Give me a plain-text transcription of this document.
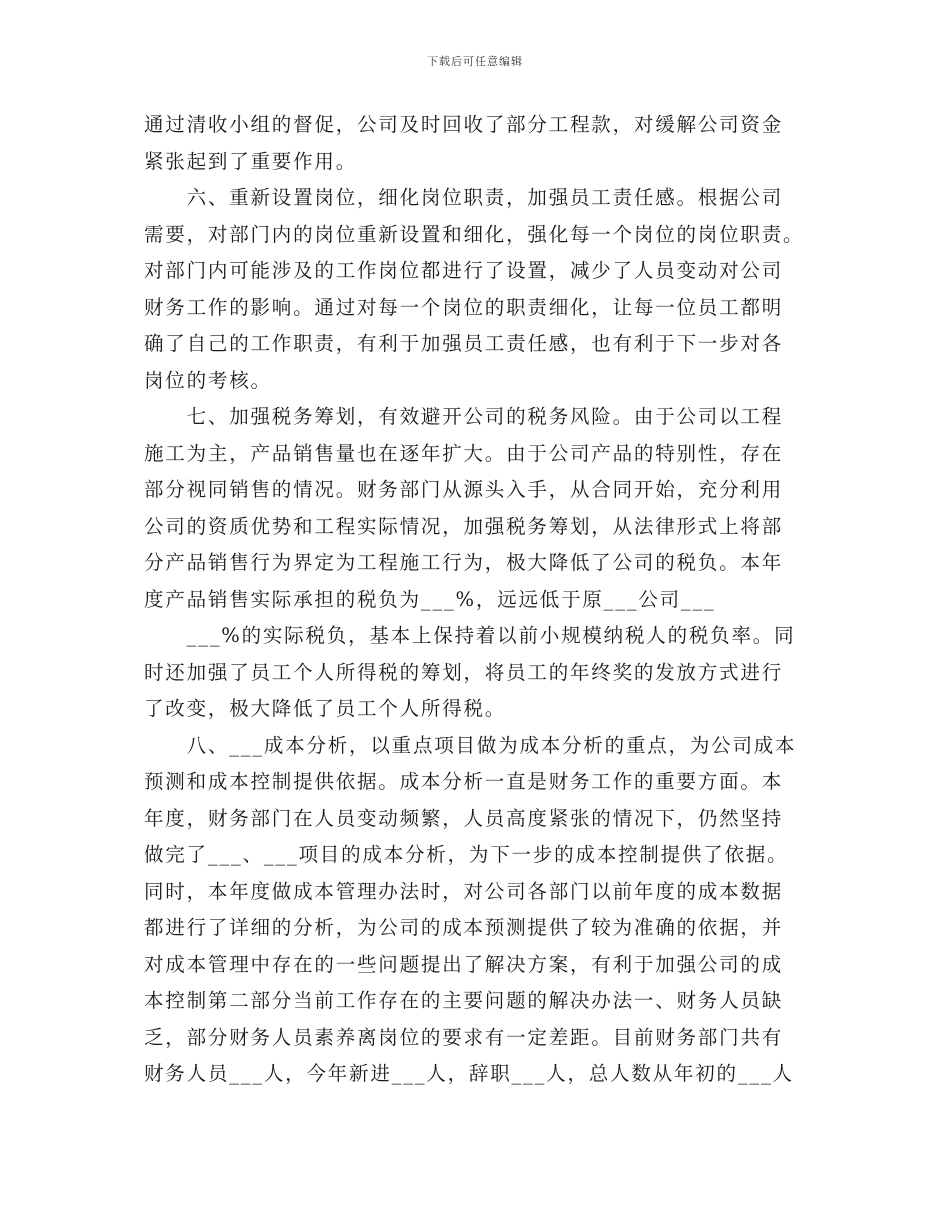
下载后可任意编辑
通过清收小组的督促，公司及时回收了部分工程款，对缓解公司资金
紧张起到了重要作用。
　　六、重新设置岗位，细化岗位职责，加强员工责任感。根据公司
需要，对部门内的岗位重新设置和细化，强化每一个岗位的岗位职责。
对部门内可能涉及的工作岗位都进行了设置，减少了人员变动对公司
财务工作的影响。通过对每一个岗位的职责细化，让每一位员工都明
确了自己的工作职责，有利于加强员工责任感，也有利于下一步对各
岗位的考核。
　　七、加强税务筹划，有效避开公司的税务风险。由于公司以工程
施工为主，产品销售量也在逐年扩大。由于公司产品的特别性，存在
部分视同销售的情况。财务部门从源头入手，从合同开始，充分利用
公司的资质优势和工程实际情况，加强税务筹划，从法律形式上将部
分产品销售行为界定为工程施工行为，极大降低了公司的税负。本年
度产品销售实际承担的税负为___%，远远低于原___公司___
　　___%的实际税负，基本上保持着以前小规模纳税人的税负率。同
时还加强了员工个人所得税的筹划，将员工的年终奖的发放方式进行
了改变，极大降低了员工个人所得税。
　　八、___成本分析，以重点项目做为成本分析的重点，为公司成本
预测和成本控制提供依据。成本分析一直是财务工作的重要方面。本
年度，财务部门在人员变动频繁，人员高度紧张的情况下，仍然坚持
做完了___、___项目的成本分析，为下一步的成本控制提供了依据。
同时，本年度做成本管理办法时，对公司各部门以前年度的成本数据
都进行了详细的分析，为公司的成本预测提供了较为准确的依据，并
对成本管理中存在的一些问题提出了解决方案，有利于加强公司的成
本控制第二部分当前工作存在的主要问题的解决办法一、财务人员缺
乏，部分财务人员素养离岗位的要求有一定差距。目前财务部门共有
财务人员___人，今年新进___人，辞职___人，总人数从年初的___人
